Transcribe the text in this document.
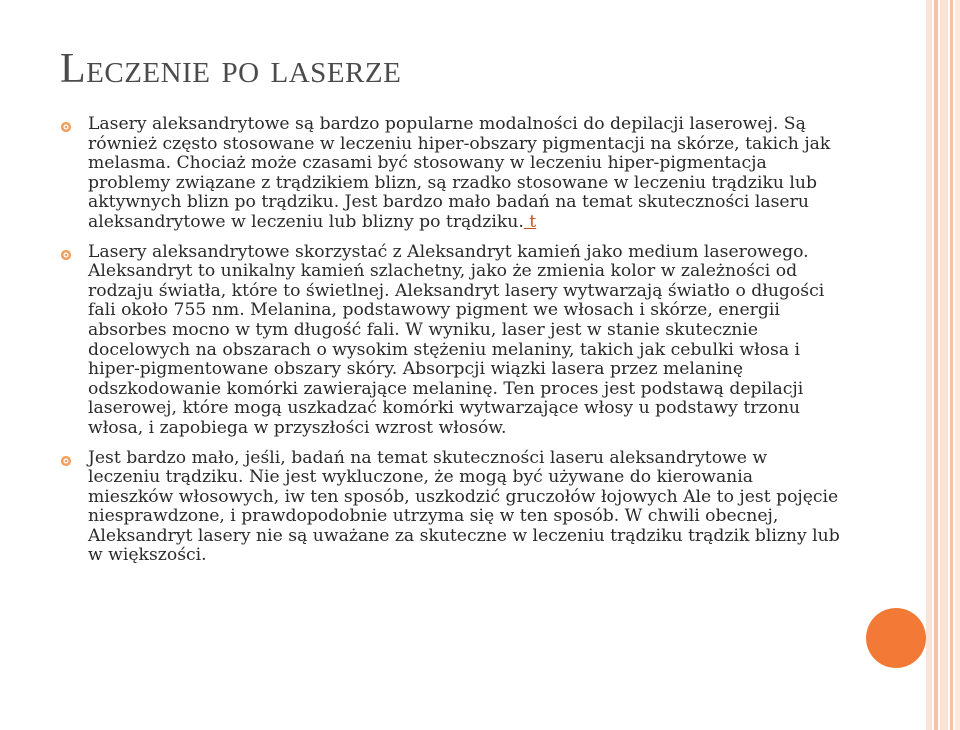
Leczenie po laserze

Lasery aleksandrytowe są bardzo popularne modalności do depilacji laserowej. Są również często stosowane w leczeniu hiper-obszary pigmentacji na skórze, takich jak melasma. Chociaż może czasami być stosowany w leczeniu hiper-pigmentacja problemy związane z trądzikiem blizn, są rzadko stosowane w leczeniu trądziku lub aktywnych blizn po trądziku. Jest bardzo mało badań na temat skuteczności laseru aleksandrytowe w leczeniu lub blizny po trądziku. t

Lasery aleksandrytowe skorzystać z Aleksandryt kamień jako medium laserowego. Aleksandryt to unikalny kamień szlachetny, jako że zmienia kolor w zależności od rodzaju światła, które to świetlnej. Aleksandryt lasery wytwarzają światło o długości fali około 755 nm. Melanina, podstawowy pigment we włosach i skórze, energii absorbes mocno w tym długość fali. W wyniku, laser jest w stanie skutecznie docelowych na obszarach o wysokim stężeniu melaniny, takich jak cebulki włosa i hiper-pigmentowane obszary skóry. Absorpcji wiązki lasera przez melaninę odszkodowanie komórki zawierające melaninę. Ten proces jest podstawą depilacji laserowej, które mogą uszkadzać komórki wytwarzające włosy u podstawy trzonu włosa, i zapobiega w przyszłości wzrost włosów.

Jest bardzo mało, jeśli, badań na temat skuteczności laseru aleksandrytowe w leczeniu trądziku. Nie jest wykluczone, że mogą być używane do kierowania mieszków włosowych, iw ten sposób, uszkodzić gruczołów łojowych Ale to jest pojęcie niesprawdzone, i prawdopodobnie utrzyma się w ten sposób. W chwili obecnej, Aleksandryt lasery nie są uważane za skuteczne w leczeniu trądziku trądzik blizny lub w większości.
